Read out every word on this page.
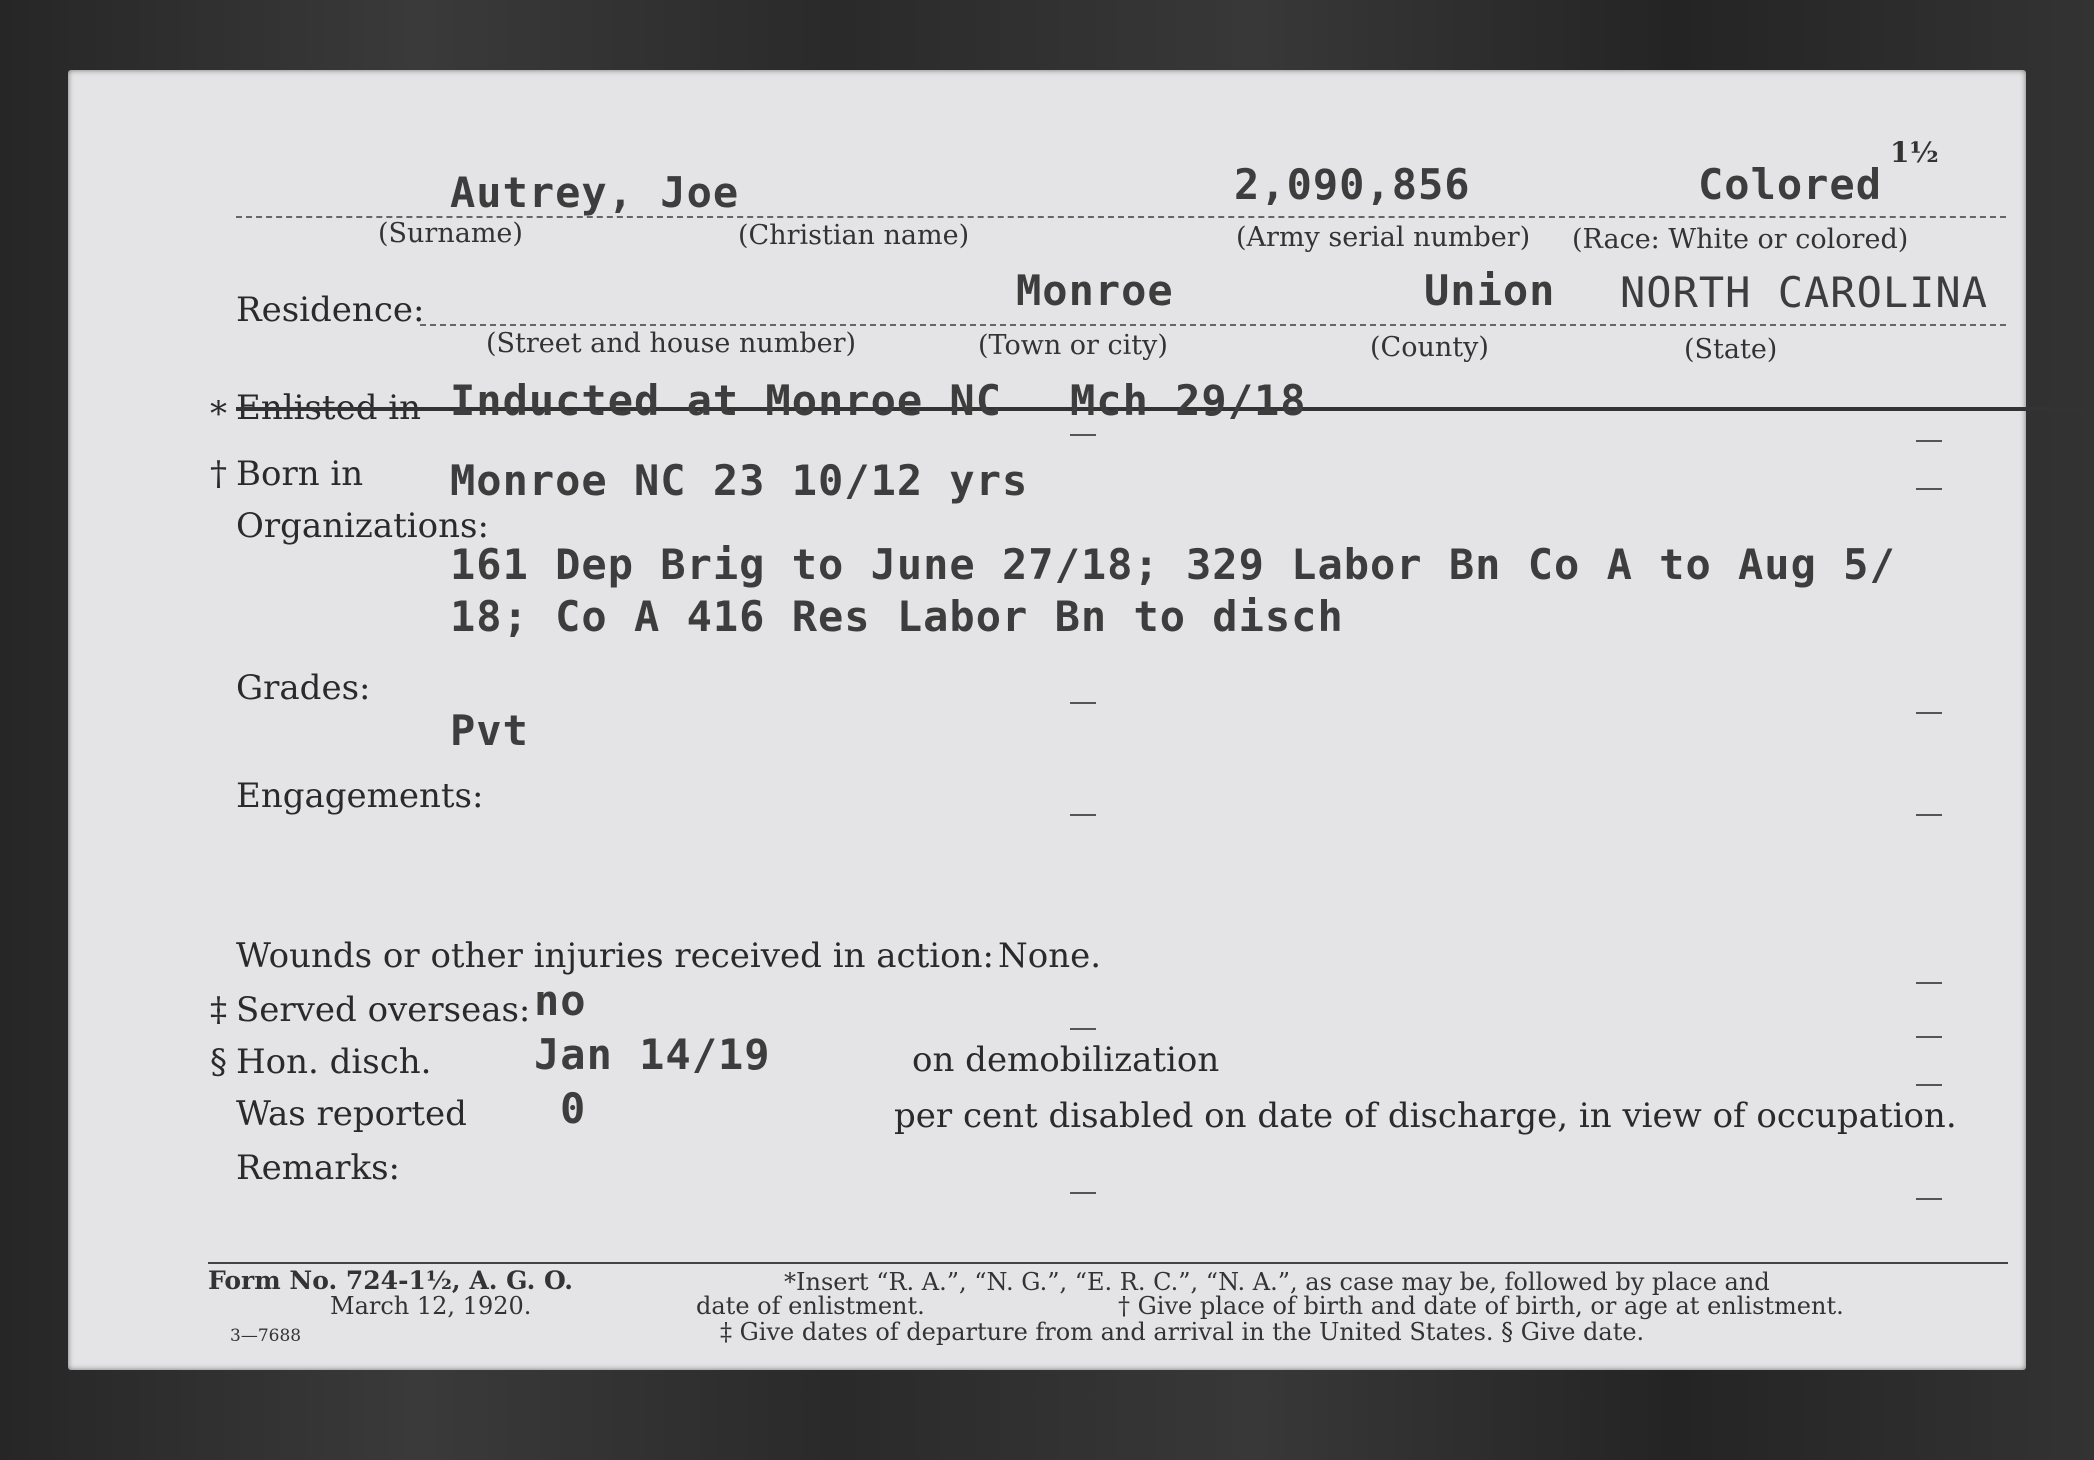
Autrey, Joe	2,090,856	Colored
1½
(Surname)	(Christian name)	(Army serial number) (Race: White or colored)
Residence:	Monroe	Union NORTH CAROLINA
(Street and house number)	(Town or city)	(County)	(State)
* Enlisted in Inducted at Monroe NC Mch 29/18
† Born in Monroe NC 23 10/12 yrs
Organizations:
161 Dep Brig to June 27/18; 329 Labor Bn Co A to Aug 5/
18; Co A 416 Res Labor Bn to disch
Grades:
Pvt
Engagements:
Wounds or other injuries received in action: None.
‡ Served overseas: no
§ Hon. disch. Jan 14/19	on demobilization
Was reported 0	per cent disabled on date of discharge, in view of occupation.
Remarks:
Form No. 724-1½, A. G. O.
March 12, 1920.
3—7688
*Insert “R. A.”, “N. G.”, “E. R. C.”, “N. A.”, as case may be, followed by place and
date of enlistment.	† Give place of birth and date of birth, or age at enlistment.
‡ Give dates of departure from and arrival in the United States. § Give date.
